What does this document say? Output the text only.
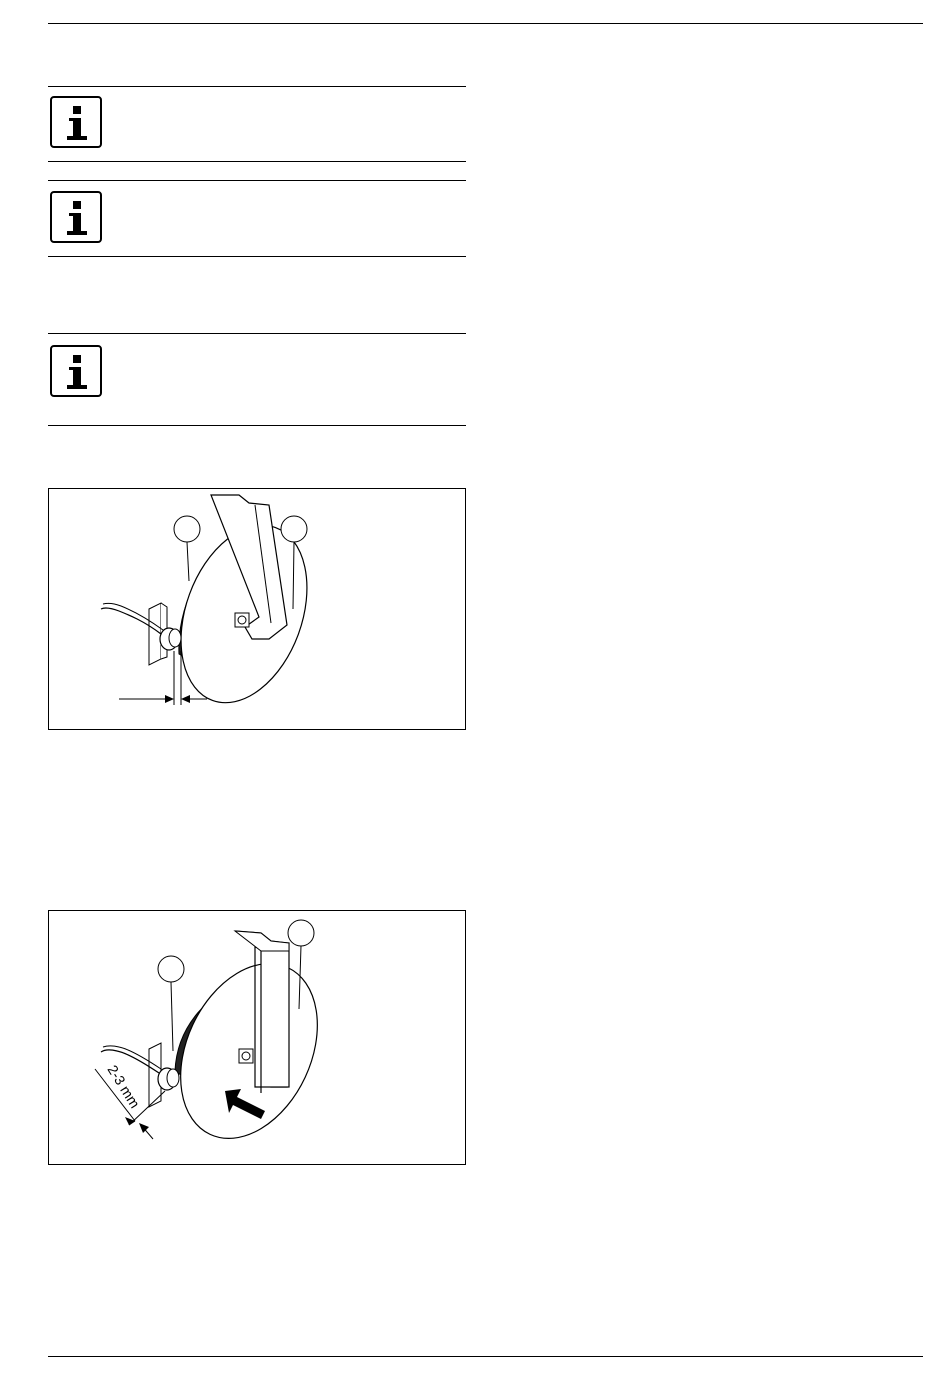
2-3 mm
